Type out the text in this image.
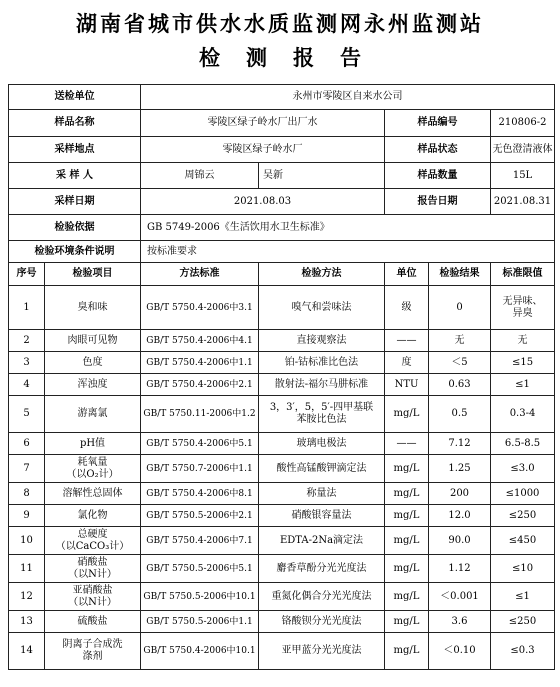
湖南省城市供水水质监测网永州监测站
检测报告
送检单位		永州市零陵区自来水公司				
样品名称		零陵区绿子岭水厂出厂水		样品编号		210806-2
采样地点		零陵区绿子岭水厂		样品状态		无色澄清液体
采 样 人		周锦云	吴新	样品数量		15L
采样日期		2021.08.03		报告日期		2021.08.31
检验依据		GB 5749-2006《生活饮用水卫生标准》				
检验环境条件说明		按标准要求				
序号	检验项目	方法标准	检验方法	单位	检验结果	标准限值

1	臭和味	GB/T 5750.4-2006中3.1	嗅气和尝味法	级	0	无异味、
异臭

2	肉眼可见物	GB/T 5750.4-2006中4.1	直接观察法	——	无	无

3	色度	GB/T 5750.4-2006中1.1	铂-钴标准比色法	度	＜5	≤15

4	浑浊度	GB/T 5750.4-2006中2.1	散射法-福尔马肼标准	NTU	0.63	≤1

5	游离氯	GB/T 5750.11-2006中1.2	3，3′，5，5′-四甲基联
苯胺比色法	mg/L	0.5	0.3-4

6	pH值	GB/T 5750.4-2006中5.1	玻璃电极法	——	7.12	6.5-8.5

7	耗氧量
（以O₂计）	GB/T 5750.7-2006中1.1	酸性高锰酸钾滴定法	mg/L	1.25	≤3.0

8	溶解性总固体	GB/T 5750.4-2006中8.1	称量法	mg/L	200	≤1000

9	氯化物	GB/T 5750.5-2006中2.1	硝酸银容量法	mg/L	12.0	≤250

10	总硬度
（以CaCO₃计）	GB/T 5750.4-2006中7.1	EDTA-2Na滴定法	mg/L	90.0	≤450

11	硝酸盐
（以N计）	GB/T 5750.5-2006中5.1	麝香草酚分光光度法	mg/L	1.12	≤10

12	亚硝酸盐
（以N计）	GB/T 5750.5-2006中10.1	重氮化偶合分光光度法	mg/L	＜0.001	≤1

13	硫酸盐	GB/T 5750.5-2006中1.1	铬酸钡分光光度法	mg/L	3.6	≤250

14	阴离子合成洗
涤剂	GB/T 5750.4-2006中10.1	亚甲蓝分光光度法	mg/L	＜0.10	≤0.3
